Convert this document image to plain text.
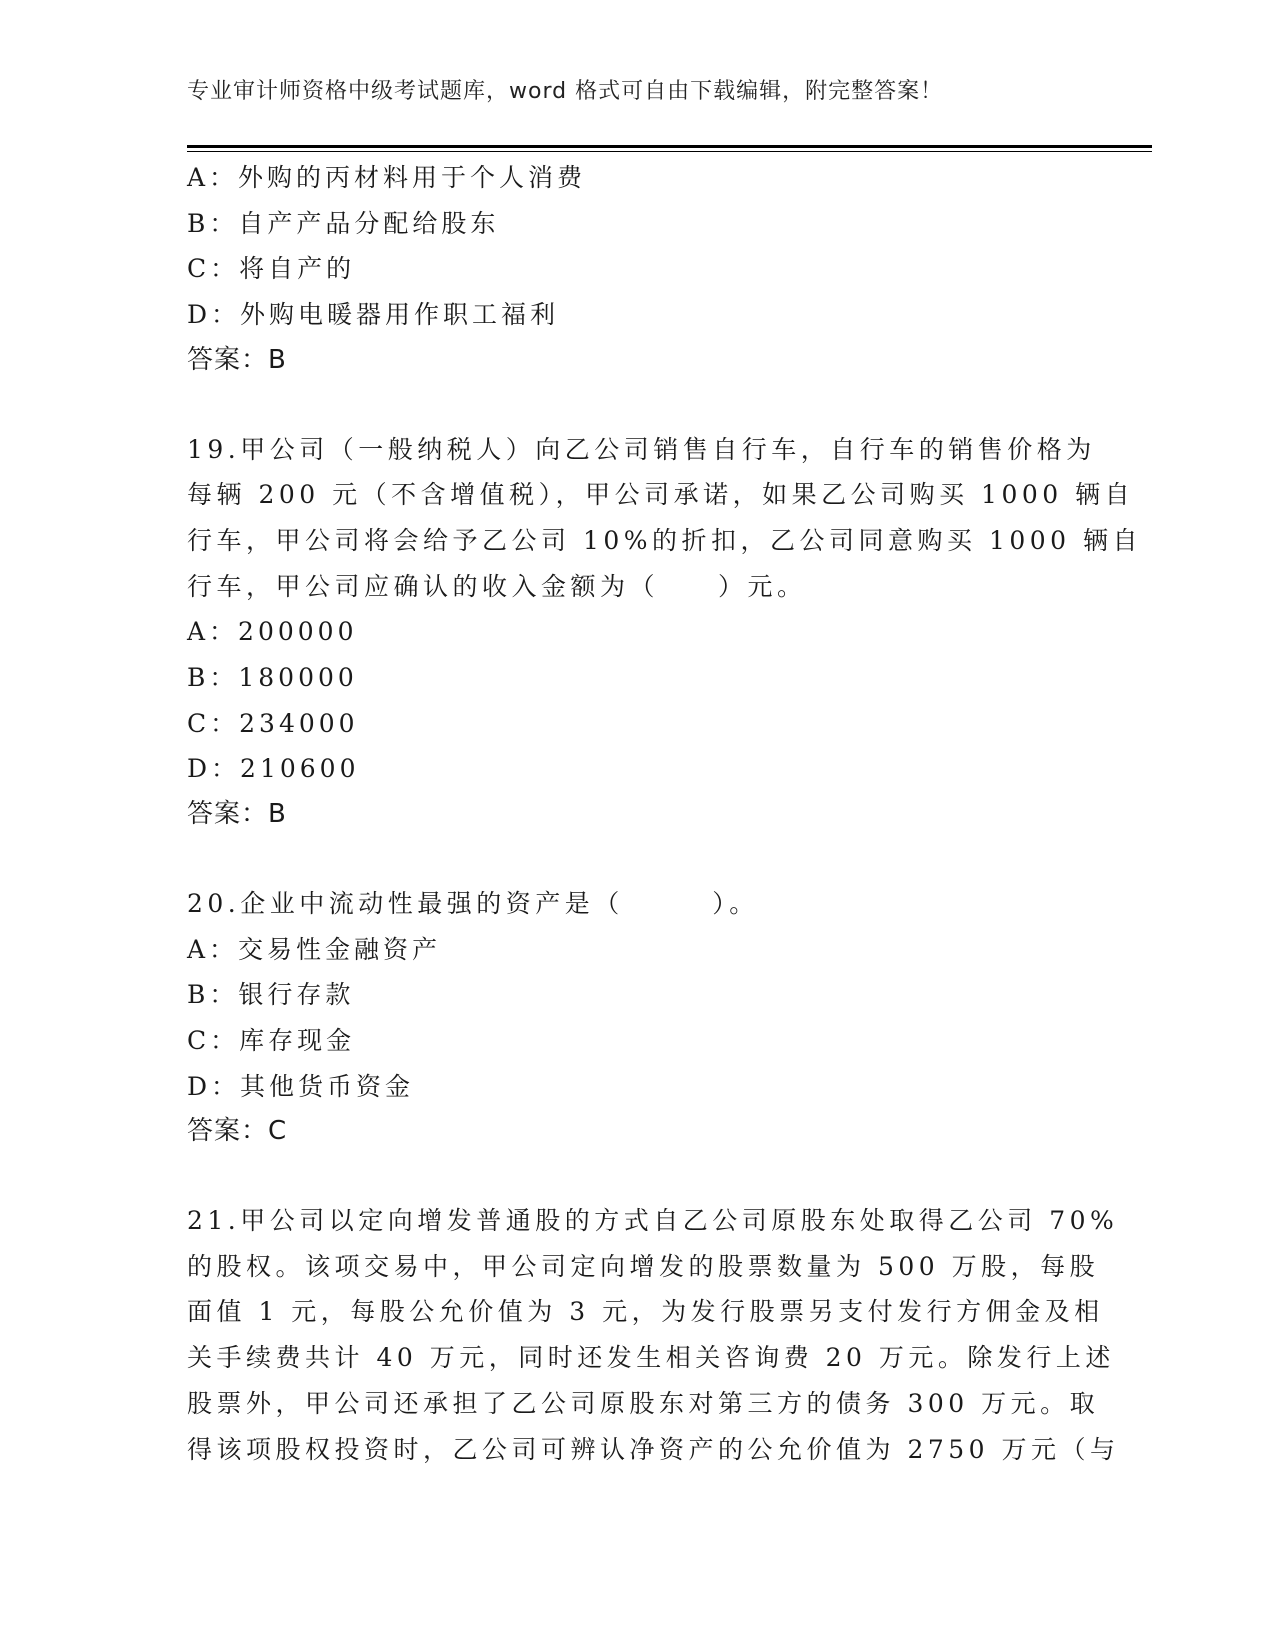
专业审计师资格中级考试题库，word 格式可自由下载编辑，附完整答案！
A：外购的丙材料用于个人消费
B：自产产品分配给股东
C：将自产的
D：外购电暖器用作职工福利
答案：B
19.甲公司（一般纳税人）向乙公司销售自行车，自行车的销售价格为
每辆 200 元（不含增值税），甲公司承诺，如果乙公司购买 1000 辆自
行车，甲公司将会给予乙公司 10%的折扣，乙公司同意购买 1000 辆自
行车，甲公司应确认的收入金额为（　　）元。
A：200000
B：180000
C：234000
D：210600
答案：B
20.企业中流动性最强的资产是（　　　）。
A：交易性金融资产
B：银行存款
C：库存现金
D：其他货币资金
答案：C
21.甲公司以定向增发普通股的方式自乙公司原股东处取得乙公司 70%
的股权。该项交易中，甲公司定向增发的股票数量为 500 万股，每股
面值 1 元，每股公允价值为 3 元，为发行股票另支付发行方佣金及相
关手续费共计 40 万元，同时还发生相关咨询费 20 万元。除发行上述
股票外，甲公司还承担了乙公司原股东对第三方的债务 300 万元。取
得该项股权投资时，乙公司可辨认净资产的公允价值为 2750 万元（与
